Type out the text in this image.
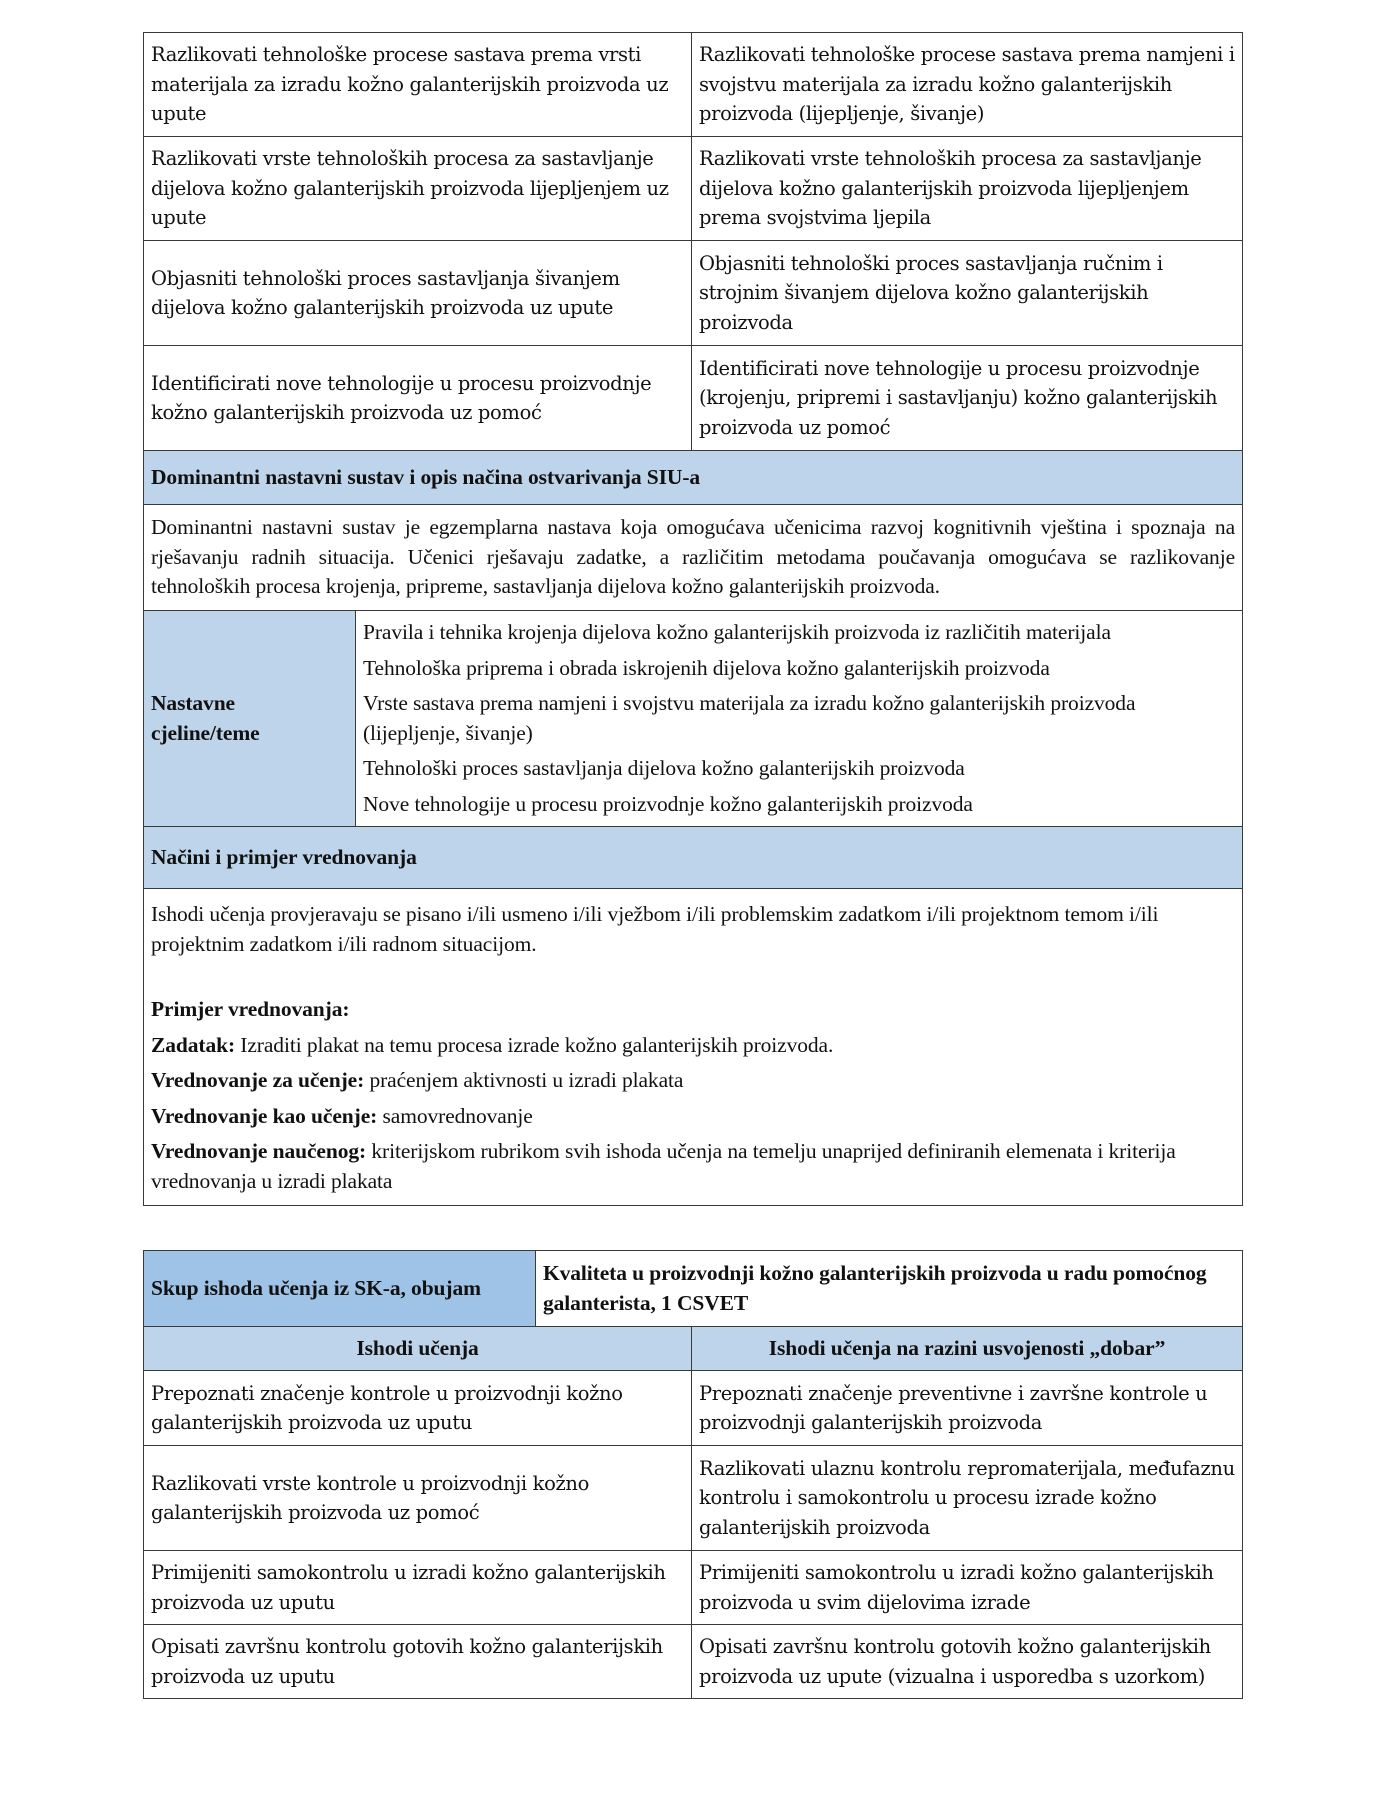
Razlikovati tehnološke procese sastava prema vrsti materijala za izradu kožno galanterijskih proizvoda uz upute		Razlikovati tehnološke procese sastava prema namjeni i svojstvu materijala za izradu kožno galanterijskih proizvoda (lijepljenje, šivanje)
Razlikovati vrste tehnoloških procesa za sastavljanje dijelova kožno galanterijskih proizvoda lijepljenjem uz upute		Razlikovati vrste tehnoloških procesa za sastavljanje dijelova kožno galanterijskih proizvoda lijepljenjem prema svojstvima ljepila
Objasniti tehnološki proces sastavljanja šivanjem dijelova kožno galanterijskih proizvoda uz upute		Objasniti tehnološki proces sastavljanja ručnim i strojnim šivanjem dijelova kožno galanterijskih proizvoda
Identificirati nove tehnologije u procesu proizvodnje kožno galanterijskih proizvoda uz pomoć		Identificirati nove tehnologije u procesu proizvodnje (krojenju, pripremi i sastavljanju) kožno galanterijskih proizvoda uz pomoć
Dominantni nastavni sustav i opis načina ostvarivanja SIU-a		
Dominantni nastavni sustav je egzemplarna nastava koja omogućava učenicima razvoj kognitivnih vještina i spoznaja na rješavanju radnih situacija. Učenici rješavaju zadatke, a različitim metodama poučavanja omogućava se razlikovanje tehnoloških procesa krojenja, pripreme, sastavljanja dijelova kožno galanterijskih proizvoda.		
Nastavne cjeline/teme	Pravila i tehnika krojenja dijelova kožno galanterijskih proizvoda iz različitih materijala
Tehnološka priprema i obrada iskrojenih dijelova kožno galanterijskih proizvoda
Vrste sastava prema namjeni i svojstvu materijala za izradu kožno galanterijskih proizvoda (lijepljenje, šivanje)
Tehnološki proces sastavljanja dijelova kožno galanterijskih proizvoda
Nove tehnologije u procesu proizvodnje kožno galanterijskih proizvoda	

Načini i primjer vrednovanja		

Ishodi učenja provjeravaju se pisano i/ili usmeno i/ili vježbom i/ili problemskim zadatkom i/ili projektnom temom i/ili projektnim zadatkom i/ili radnom situacijom.
Primjer vrednovanja:
Zadatak: Izraditi plakat na temu procesa izrade kožno galanterijskih proizvoda.
Vrednovanje za učenje: praćenjem aktivnosti u izradi plakata
Vrednovanje kao učenje: samovrednovanje
Vrednovanje naučenog: kriterijskom rubrikom svih ishoda učenja na temelju unaprijed definiranih elemenata i kriterija vrednovanja u izradi plakata
Skup ishoda učenja iz SK-a, obujam	Kvaliteta u proizvodnji kožno galanterijskih proizvoda u radu pomoćnog galanterista, 1 CSVET	
Ishodi učenja		Ishodi učenja na razini usvojenosti „dobar”
Prepoznati značenje kontrole u proizvodnji kožno galanterijskih proizvoda uz uputu		Prepoznati značenje preventivne i završne kontrole u proizvodnji galanterijskih proizvoda
Razlikovati vrste kontrole u proizvodnji kožno galanterijskih proizvoda uz pomoć		Razlikovati ulaznu kontrolu repromaterijala, međufaznu kontrolu i samokontrolu u procesu izrade kožno galanterijskih proizvoda
Primijeniti samokontrolu u izradi kožno galanterijskih proizvoda uz uputu		Primijeniti samokontrolu u izradi kožno galanterijskih proizvoda u svim dijelovima izrade
Opisati završnu kontrolu gotovih kožno galanterijskih proizvoda uz uputu		Opisati završnu kontrolu gotovih kožno galanterijskih proizvoda uz upute (vizualna i usporedba s uzorkom)
